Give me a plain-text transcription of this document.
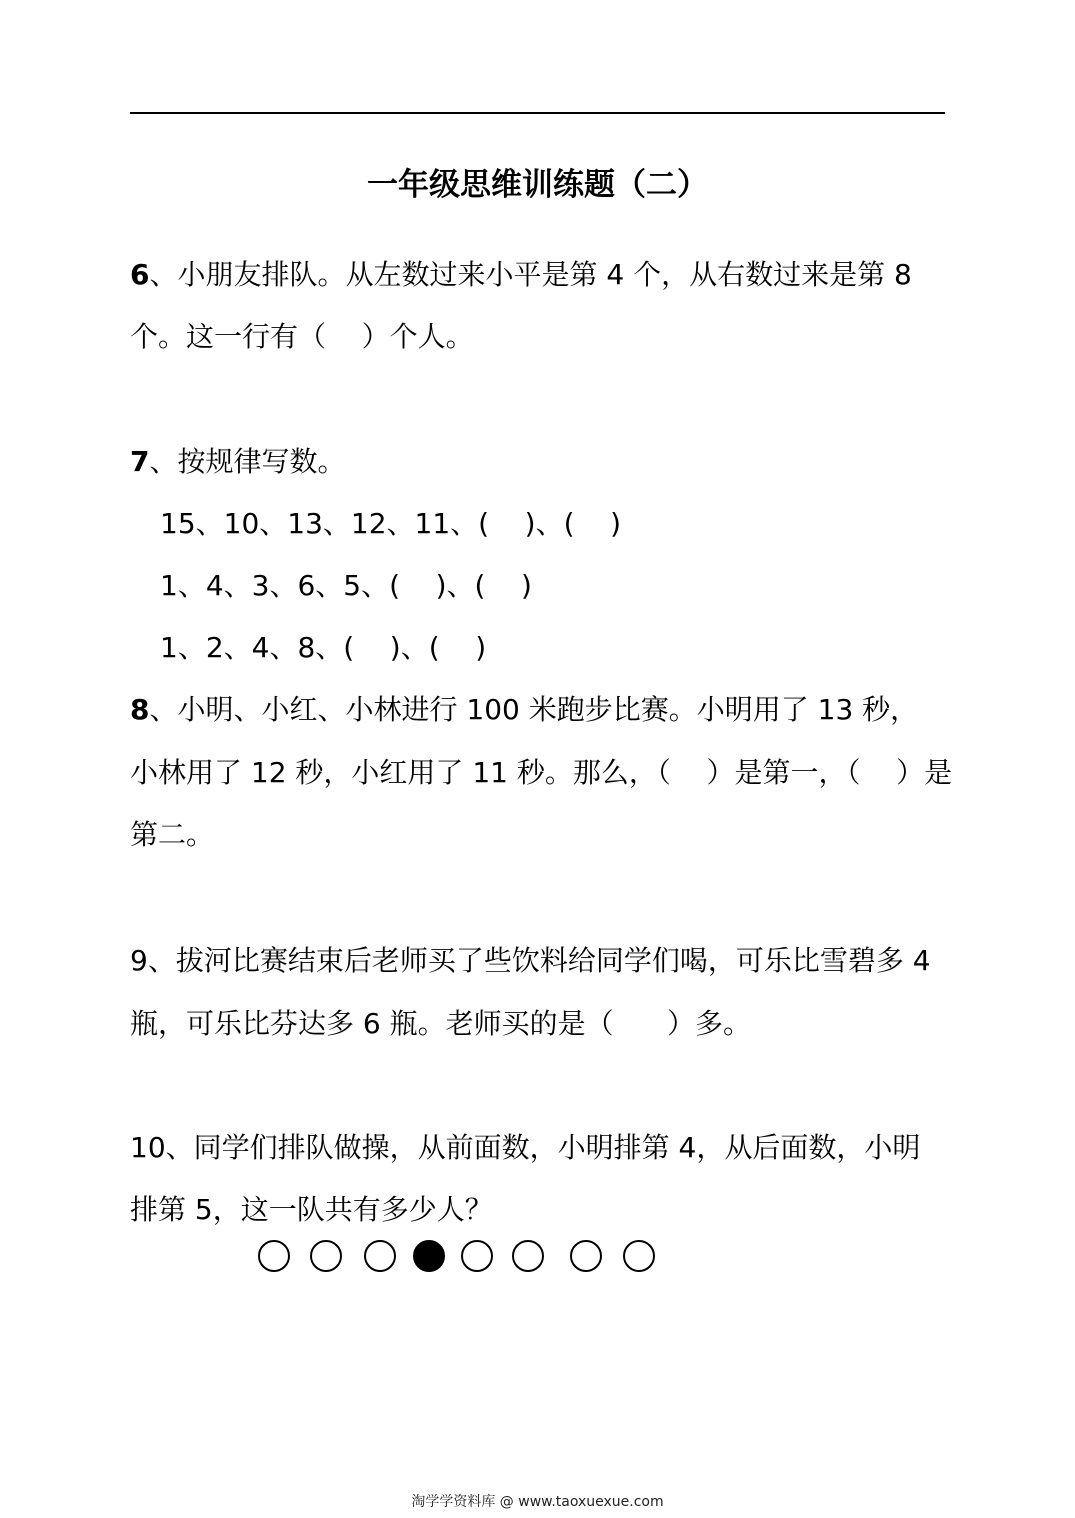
一年级思维训练题（二）
6、小朋友排队。从左数过来小平是第 4 个，从右数过来是第 8
个。这一行有（    ）个人。
7、按规律写数。
15、10、13、12、11、(    )、(    )
1、4、3、6、5、(    )、(    )
1、2、4、8、(    )、(    )
8、小明、小红、小林进行 100 米跑步比赛。小明用了 13 秒，
小林用了 12 秒，小红用了 11 秒。那么，（    ）是第一，（    ）是
第二。
9、拔河比赛结束后老师买了些饮料给同学们喝，可乐比雪碧多 4
瓶，可乐比芬达多 6 瓶。老师买的是（      ）多。
10、同学们排队做操，从前面数，小明排第 4，从后面数，小明
排第 5，这一队共有多少人？
淘学学资料库 @ www.taoxuexue.com
